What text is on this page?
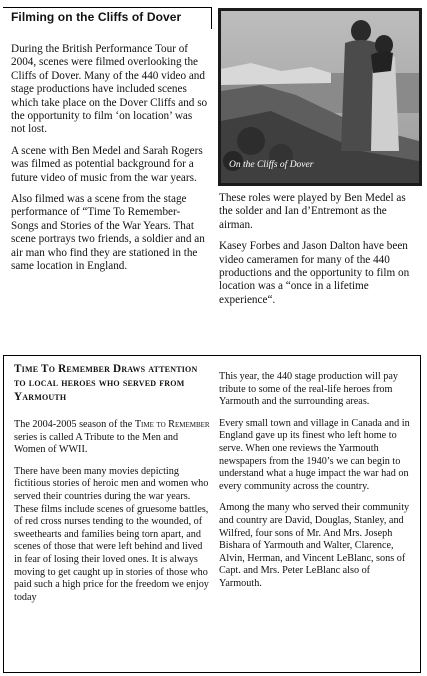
Filming on the Cliffs of Dover

During the British Performance Tour of 2004, scenes were filmed overlooking the Cliffs of Dover. Many of the 440 video and stage productions have included scenes which take place on the Dover Cliffs and so the opportunity to film ‘on location’ was not lost.

A scene with Ben Medel and Sarah Rogers was filmed as potential background for a future video of music from the war years.

Also filmed was a scene from the stage performance of “Time To Remember- Songs and Stories of the War Years. That scene portrays two friends, a soldier and an air man who find they are stationed in the same location in England.

On the Cliffs of Dover

These roles were played by Ben Medel as the solder and Ian d’Entremont as the airman.

Kasey Forbes and Jason Dalton have been video cameramen for many of the 440 productions and the opportunity to film on location was a “once in a lifetime experience“.

Time To Remember Draws attention to local heroes who served from Yarmouth

The 2004-2005 season of the Time to Remember series is called A Tribute to the Men and Women of WWII.

There have been many movies depicting fictitious stories of heroic men and women who served their countries during the war years. These films include scenes of gruesome battles, of red cross nurses tending to the wounded, of sweethearts and families being torn apart, and scenes of those that were left behind and lived in fear of losing their loved ones. It is always moving to get caught up in stories of those who paid such a high price for the freedom we enjoy today

This year, the 440 stage production will pay tribute to some of the real-life heroes from Yarmouth and the surrounding areas.

Every small town and village in Canada and in England gave up its finest who left home to serve. When one reviews the Yarmouth newspapers from the 1940’s we can begin to understand what a huge impact the war had on every community across the country.

Among the many who served their community and country are David, Douglas, Stanley, and Wilfred, four sons of Mr. And Mrs. Joseph Bishara of Yarmouth and Walter, Clarence, Alvin, Herman, and Vincent LeBlanc, sons of Capt. and Mrs. Peter LeBlanc also of Yarmouth.
